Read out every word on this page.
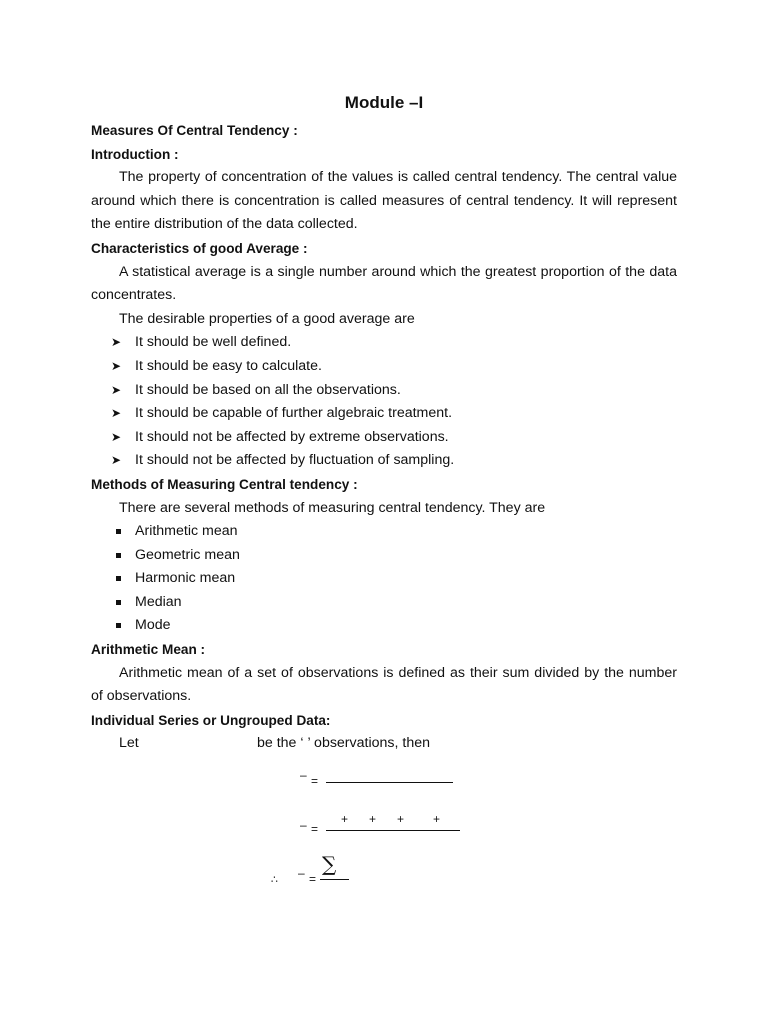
Module –I
Measures Of Central Tendency :
Introduction :
The property of concentration of the values is called central tendency. The central value around which there is concentration is called measures of central tendency. It will represent the entire distribution of the data collected.
Characteristics of good Average :
A statistical average is a single number around which the greatest proportion of the data concentrates.
The desirable properties of a good average are
➤ It should be well defined.
➤ It should be easy to calculate.
➤ It should be based on all the observations.
➤ It should be capable of further algebraic treatment.
➤ It should not be affected by extreme observations.
➤ It should not be affected by fluctuation of sampling.
Methods of Measuring Central tendency :
There are several methods of measuring central tendency. They are
Arithmetic mean
Geometric mean
Harmonic mean
Median
Mode
Arithmetic Mean :
Arithmetic mean of a set of observations is defined as their sum divided by the number of observations.
Individual Series or Ungrouped Data:
Let	be the ‘ ’ observations, then
– =
– =
+ + + +
∴ – =
∑
